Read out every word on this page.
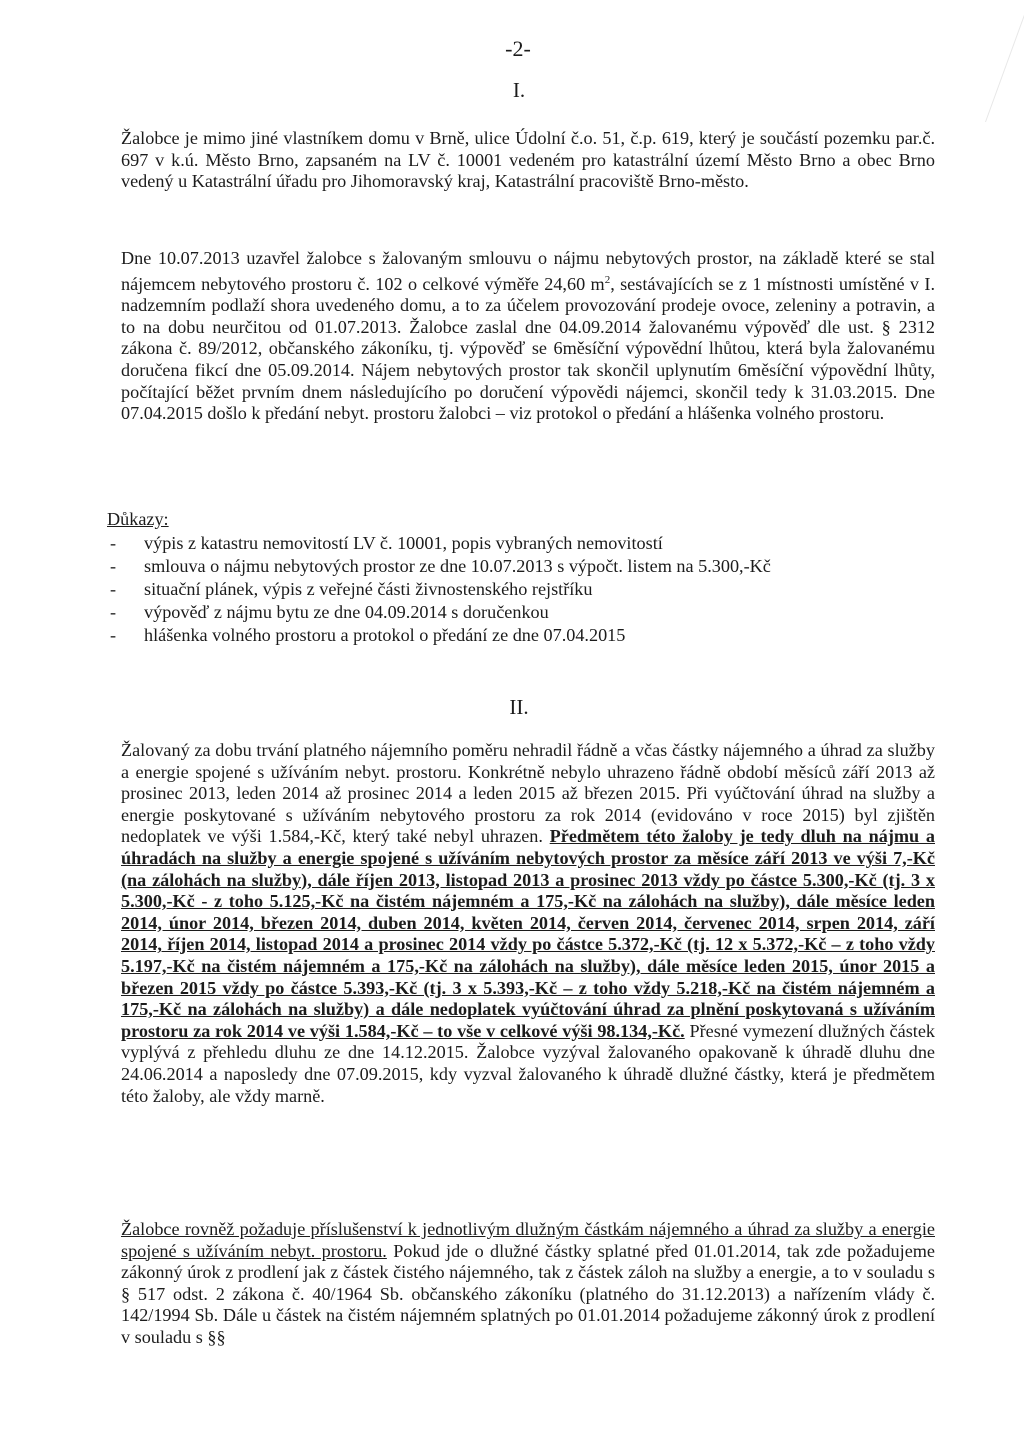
-2-
I.

Žalobce je mimo jiné vlastníkem domu v Brně, ulice Údolní č.o. 51, č.p. 619, který je součástí pozemku par.č. 697 v k.ú. Město Brno, zapsaném na LV č. 10001 vedeném pro katastrální území Město Brno a obec Brno vedený u Katastrální úřadu pro Jihomoravský kraj, Katastrální pracoviště Brno-město.

Dne 10.07.2013 uzavřel žalobce s žalovaným smlouvu o nájmu nebytových prostor, na základě které se stal nájemcem nebytového prostoru č. 102 o celkové výměře 24,60 $m^2$, sestávajících se z 1 místnosti umístěné v I. nadzemním podlaží shora uvedeného domu, a to za účelem provozování prodeje ovoce, zeleniny a potravin, a to na dobu neurčitou od 01.07.2013. Žalobce zaslal dne 04.09.2014 žalovanému výpověď dle ust. § 2312 zákona č. 89/2012, občanského zákoníku, tj. výpověď se 6měsíční výpovědní lhůtou, která byla žalovanému doručena fikcí dne 05.09.2014. Nájem nebytových prostor tak skončil uplynutím 6měsíční výpovědní lhůty, počítající běžet prvním dnem následujícího po doručení výpovědi nájemci, skončil tedy k 31.03.2015. Dne 07.04.2015 došlo k předání nebyt. prostoru žalobci – viz protokol o předání a hlášenka volného prostoru.

Důkazy:
- výpis z katastru nemovitostí LV č. 10001, popis vybraných nemovitostí
- smlouva o nájmu nebytových prostor ze dne 10.07.2013 s výpočt. listem na 5.300,-Kč
- situační plánek, výpis z veřejné části živnostenského rejstříku
- výpověď z nájmu bytu ze dne 04.09.2014 s doručenkou
- hlášenka volného prostoru a protokol o předání ze dne 07.04.2015
II.

Žalovaný za dobu trvání platného nájemního poměru nehradil řádně a včas částky nájemného a úhrad za služby a energie spojené s užíváním nebyt. prostoru. Konkrétně nebylo uhrazeno řádně období měsíců září 2013 až prosinec 2013, leden 2014 až prosinec 2014 a leden 2015 až březen 2015. Při vyúčtování úhrad na služby a energie poskytované s užíváním nebytového prostoru za rok 2014 (evidováno v roce 2015) byl zjištěn nedoplatek ve výši 1.584,-Kč, který také nebyl uhrazen. Předmětem této žaloby je tedy dluh na nájmu a úhradách na služby a energie spojené s užíváním nebytových prostor za měsíce září 2013 ve výši 7,-Kč (na zálohách na služby), dále říjen 2013, listopad 2013 a prosinec 2013 vždy po částce 5.300,-Kč (tj. 3 x 5.300,-Kč - z toho 5.125,-Kč na čistém nájemném a 175,-Kč na zálohách na služby), dále měsíce leden 2014, únor 2014, březen 2014, duben 2014, květen 2014, červen 2014, červenec 2014, srpen 2014, září 2014, říjen 2014, listopad 2014 a prosinec 2014 vždy po částce 5.372,-Kč (tj. 12 x 5.372,-Kč – z toho vždy 5.197,-Kč na čistém nájemném a 175,-Kč na zálohách na služby), dále měsíce leden 2015, únor 2015 a březen 2015 vždy po částce 5.393,-Kč (tj. 3 x 5.393,-Kč – z toho vždy 5.218,-Kč na čistém nájemném a 175,-Kč na zálohách na služby) a dále nedoplatek vyúčtování úhrad za plnění poskytovaná s užíváním prostoru za rok 2014 ve výši 1.584,-Kč – to vše v celkové výši 98.134,-Kč. Přesné vymezení dlužných částek vyplývá z přehledu dluhu ze dne 14.12.2015. Žalobce vyzýval žalovaného opakovaně k úhradě dluhu dne 24.06.2014 a naposledy dne 07.09.2015, kdy vyzval žalovaného k úhradě dlužné částky, která je předmětem této žaloby, ale vždy marně.

Žalobce rovněž požaduje příslušenství k jednotlivým dlužným částkám nájemného a úhrad za služby a energie spojené s užíváním nebyt. prostoru. Pokud jde o dlužné částky splatné před 01.01.2014, tak zde požadujeme zákonný úrok z prodlení jak z částek čistého nájemného, tak z částek záloh na služby a energie, a to v souladu s § 517 odst. 2 zákona č. 40/1964 Sb. občanského zákoníku (platného do 31.12.2013) a nařízením vlády č. 142/1994 Sb. Dále u částek na čistém nájemném splatných po 01.01.2014 požadujeme zákonný úrok z prodlení v souladu s §§
